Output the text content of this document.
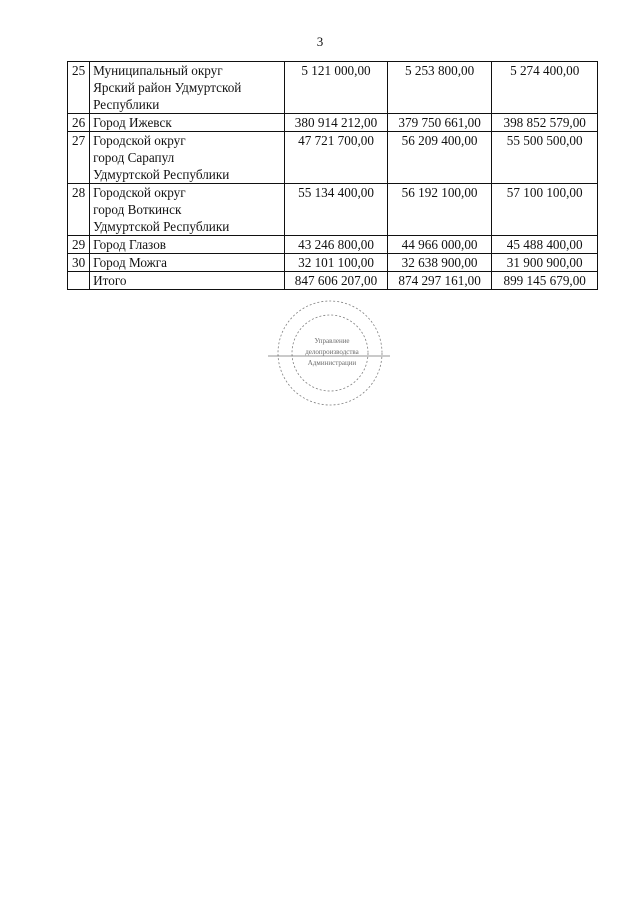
3
25	Муниципальный округ
Ярский район Удмуртской
Республики	5 121 000,00	5 253 800,00	5 274 400,00
26	Город Ижевск	380 914 212,00	379 750 661,00	398 852 579,00
27	Городской округ
город Сарапул
Удмуртской Республики	47 721 700,00	56 209 400,00	55 500 500,00
28	Городской округ
город Воткинск
Удмуртской Республики	55 134 400,00	56 192 100,00	57 100 100,00
29	Город Глазов	43 246 800,00	44 966 000,00	45 488 400,00
30	Город Можга	32 101 100,00	32 638 900,00	31 900 900,00

	Итого	847 606 207,00	874 297 161,00	899 145 679,00
Управление
делопроизводства
Администрации
